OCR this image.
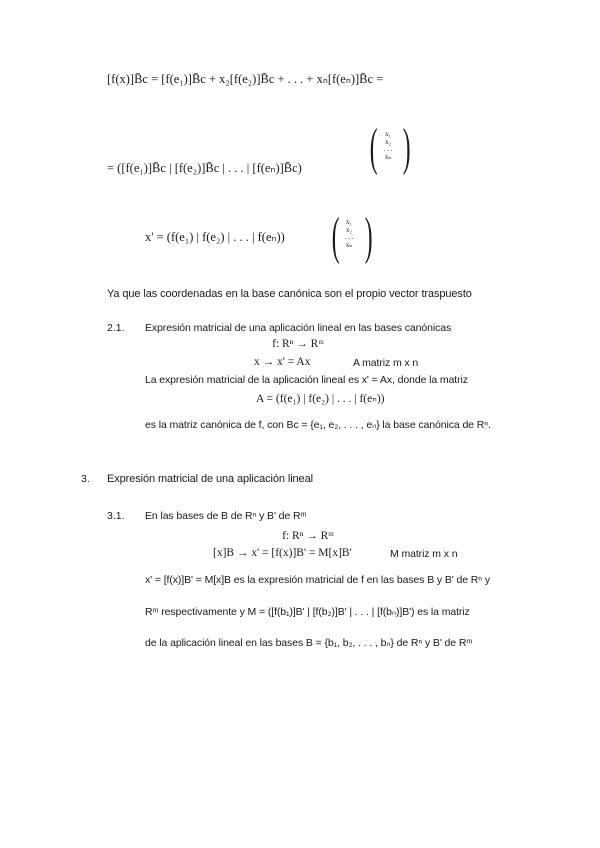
[f(x)]B̄c = [f(e₁)]B̄c + x₂[f(e₂)]B̄c + . . . + xₙ[f(eₙ)]B̄c =
= ([f(e₁)]B̄c | [f(e₂)]B̄c | . . . | [f(eₙ)]B̄c) (	x₁
x₂
. . .
xₙ )
x' = (f(e₁) | f(e₂) | . . . | f(eₙ)) ( x₁
x₂
. . .
xₙ )
Ya que las coordenadas en la base canónica son el propio vector traspuesto
2.1. Expresión matricial de una aplicación lineal en las bases canónicas
f: Rⁿ → Rᵐ
x → x' = Ax	A matriz m x n
La expresión matricial de la aplicación lineal es x' = Ax, donde la matriz
A = (f(e₁) | f(e₂) | . . . | f(eₙ))
es la matriz canónica de f, con Bc = {e₁, e₂, . . . , eₙ} la base canónica de Rⁿ.
3. Expresión matricial de una aplicación lineal
3.1. En las bases de B de Rⁿ y B' de Rᵐ
f: Rⁿ → Rᵐ
[x]B → x' = [f(x)]B' = M[x]B'	M matriz m x n
x' = [f(x)]B' = M[x]B es la expresión matricial de f en las bases B y B' de Rⁿ y
Rᵐ respectivamente y M = ([f(b₁)]B' | [f(b₂)]B' | . . . | [f(bₙ)]B') es la matriz
de la aplicación lineal en las bases B = {b₁, b₂, . . . , bₙ} de Rⁿ y B' de Rᵐ
